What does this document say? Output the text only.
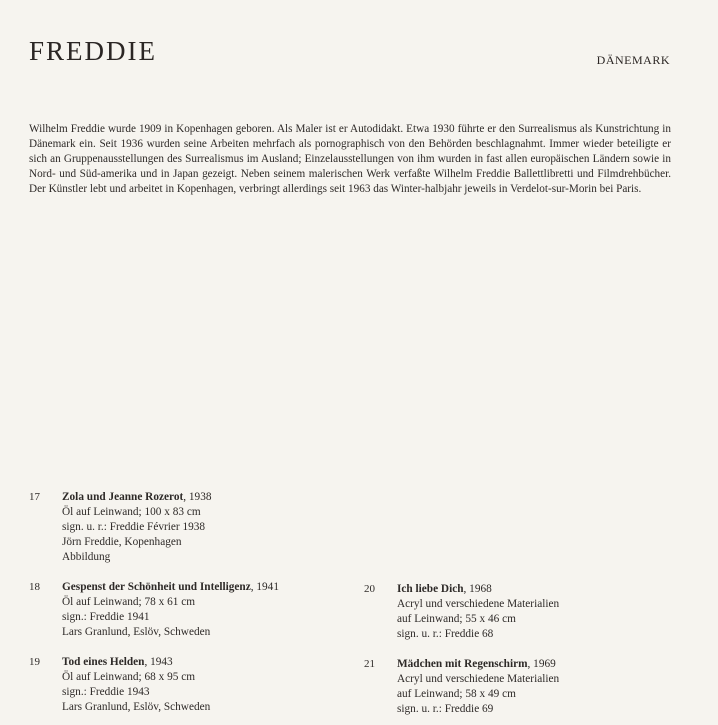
FREDDIE	DÄNEMARK

Wilhelm Freddie wurde 1909 in Kopenhagen geboren. Als Maler ist er Autodidakt. Etwa 1930 führte er den Surrealismus als Kunstrichtung in Dänemark ein. Seit 1936 wurden seine Arbeiten mehrfach als pornographisch von den Behörden beschlagnahmt. Immer wieder beteiligte er sich an Gruppenausstellungen des Surrealismus im Ausland; Einzelausstellungen von ihm wurden in fast allen europäischen Ländern sowie in Nord- und Süd-amerika und in Japan gezeigt. Neben seinem malerischen Werk verfaßte Wilhelm Freddie Ballettlibretti und Filmdrehbücher. Der Künstler lebt und arbeitet in Kopenhagen, verbringt allerdings seit 1963 das Winter-halbjahr jeweils in Verdelot-sur-Morin bei Paris.

17	Zola und Jeanne Rozerot, 1938
Öl auf Leinwand; 100 x 83 cm
sign. u. r.: Freddie Février 1938
Jörn Freddie, Kopenhagen
Abbildung
18	Gespenst der Schönheit und Intelligenz, 1941
Öl auf Leinwand; 78 x 61 cm
sign.: Freddie 1941
Lars Granlund, Eslöv, Schweden
19	Tod eines Helden, 1943
Öl auf Leinwand; 68 x 95 cm
sign.: Freddie 1943
Lars Granlund, Eslöv, Schweden
20	Ich liebe Dich, 1968
Acryl und verschiedene Materialien
auf Leinwand; 55 x 46 cm
sign. u. r.: Freddie 68
21	Mädchen mit Regenschirm, 1969
Acryl und verschiedene Materialien
auf Leinwand; 58 x 49 cm
sign. u. r.: Freddie 69
